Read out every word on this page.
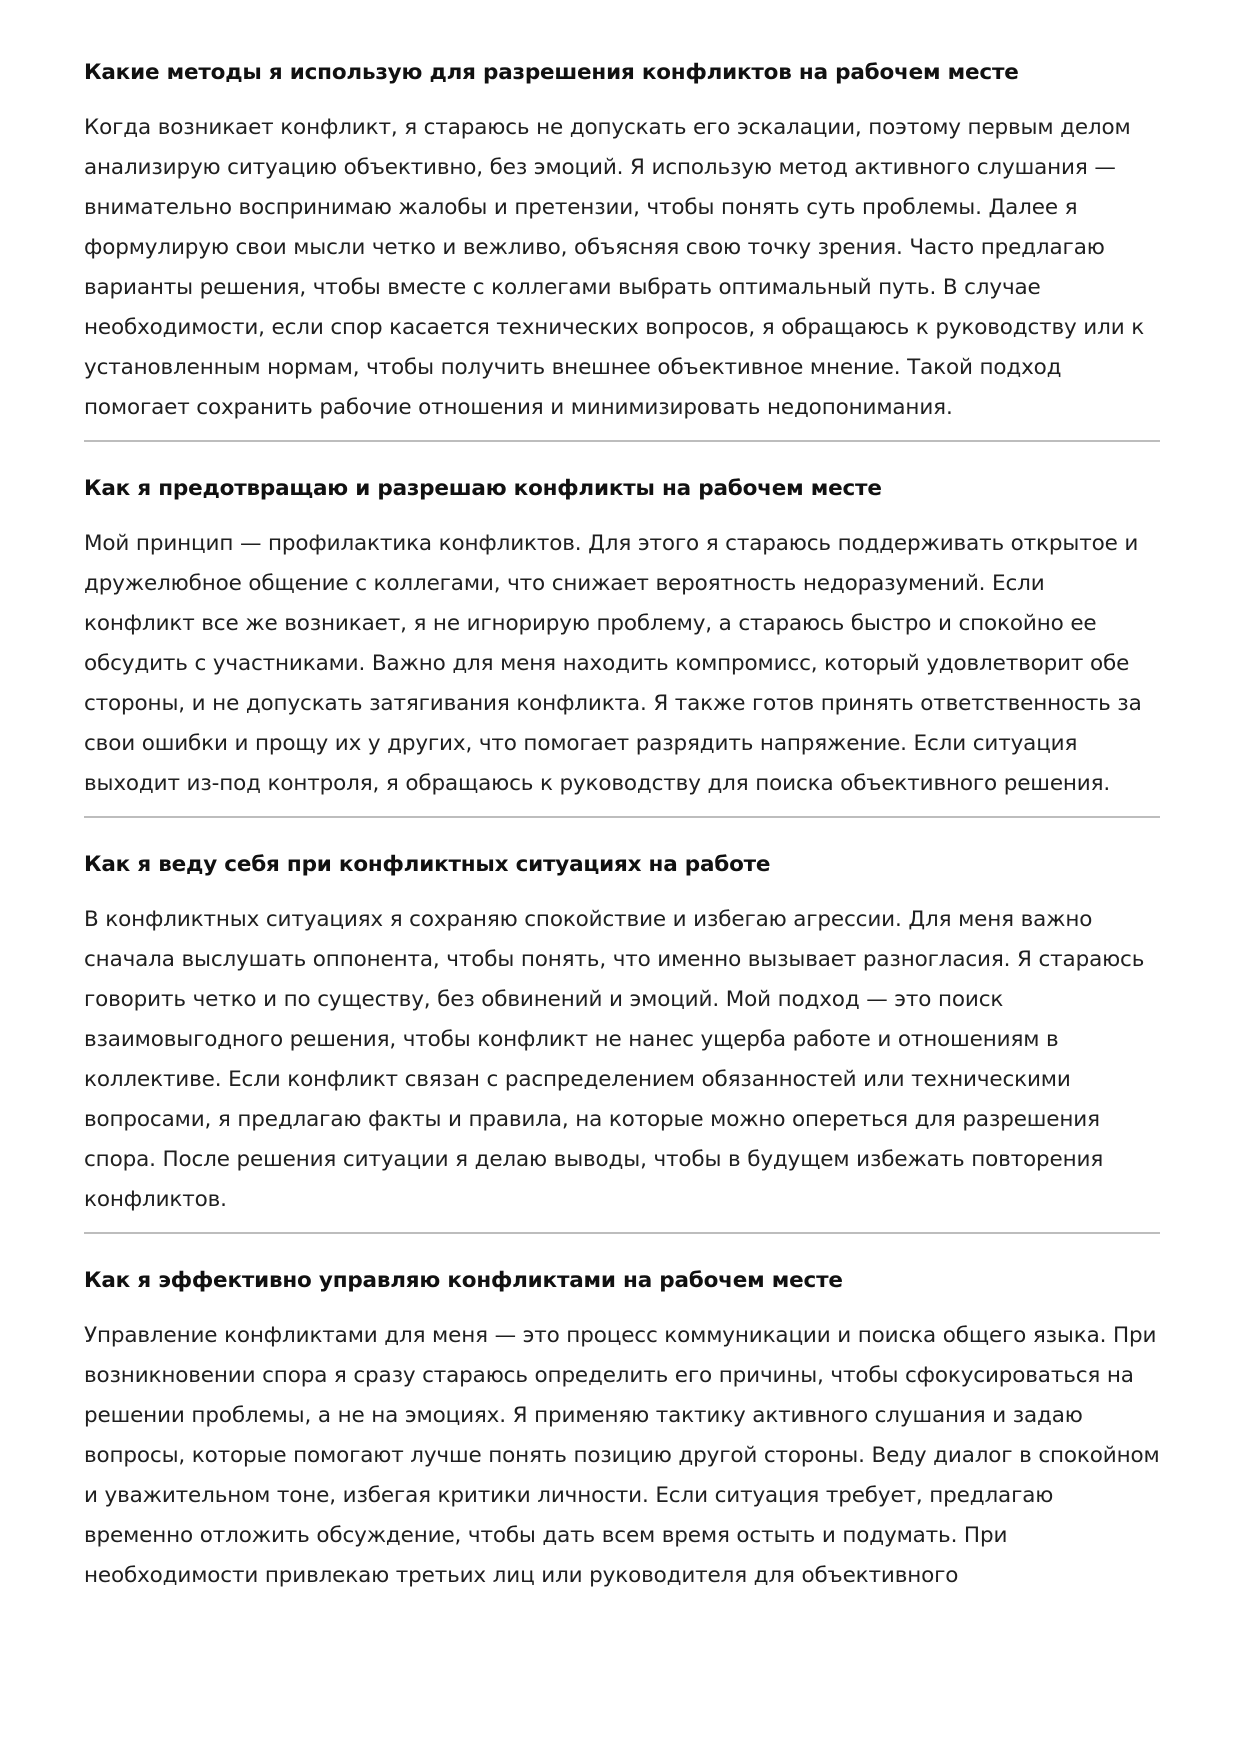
Какие методы я использую для разрешения конфликтов на рабочем месте

Когда возникает конфликт, я стараюсь не допускать его эскалации, поэтому первым делом анализирую ситуацию объективно, без эмоций. Я использую метод активного слушания — внимательно воспринимаю жалобы и претензии, чтобы понять суть проблемы. Далее я формулирую свои мысли четко и вежливо, объясняя свою точку зрения. Часто предлагаю варианты решения, чтобы вместе с коллегами выбрать оптимальный путь. В случае необходимости, если спор касается технических вопросов, я обращаюсь к руководству или к установленным нормам, чтобы получить внешнее объективное мнение. Такой подход помогает сохранить рабочие отношения и минимизировать недопонимания.

Как я предотвращаю и разрешаю конфликты на рабочем месте

Мой принцип — профилактика конфликтов. Для этого я стараюсь поддерживать открытое и дружелюбное общение с коллегами, что снижает вероятность недоразумений. Если конфликт все же возникает, я не игнорирую проблему, а стараюсь быстро и спокойно ее обсудить с участниками. Важно для меня находить компромисс, который удовлетворит обе стороны, и не допускать затягивания конфликта. Я также готов принять ответственность за свои ошибки и прощу их у других, что помогает разрядить напряжение. Если ситуация выходит из-под контроля, я обращаюсь к руководству для поиска объективного решения.

Как я веду себя при конфликтных ситуациях на работе

В конфликтных ситуациях я сохраняю спокойствие и избегаю агрессии. Для меня важно сначала выслушать оппонента, чтобы понять, что именно вызывает разногласия. Я стараюсь говорить четко и по существу, без обвинений и эмоций. Мой подход — это поиск взаимовыгодного решения, чтобы конфликт не нанес ущерба работе и отношениям в коллективе. Если конфликт связан с распределением обязанностей или техническими вопросами, я предлагаю факты и правила, на которые можно опереться для разрешения спора. После решения ситуации я делаю выводы, чтобы в будущем избежать повторения конфликтов.

Как я эффективно управляю конфликтами на рабочем месте

Управление конфликтами для меня — это процесс коммуникации и поиска общего языка. При возникновении спора я сразу стараюсь определить его причины, чтобы сфокусироваться на решении проблемы, а не на эмоциях. Я применяю тактику активного слушания и задаю вопросы, которые помогают лучше понять позицию другой стороны. Веду диалог в спокойном и уважительном тоне, избегая критики личности. Если ситуация требует, предлагаю временно отложить обсуждение, чтобы дать всем время остыть и подумать. При необходимости привлекаю третьих лиц или руководителя для объективного
